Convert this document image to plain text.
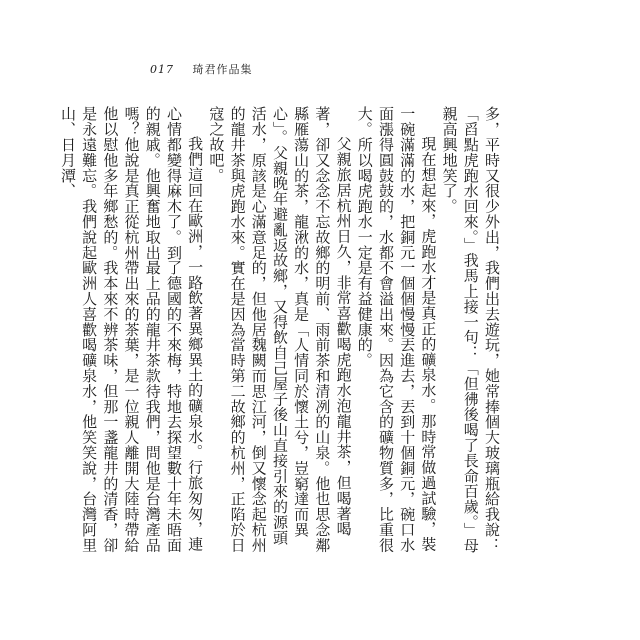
017 琦君作品集

多，平時又很少外出，我們出去遊玩，她常捧個大玻璃瓶給我說：「舀點虎跑水回來。」我馬上接一句：「但彿後喝了長命百歲。」母親高興地笑了。

現在想起來，虎跑水才是真正的礦泉水。那時常做過試驗，裝一碗滿滿的水，把銅元一個個慢慢丟進去，丟到十個銅元，碗口水面漲得圓鼓鼓的，水都不會溢出來。因為它含的礦物質多，比重很大。所以喝虎跑水一定是有益健康的。

父親旅居杭州日久，非常喜歡喝虎跑水泡龍井茶，但喝著喝著，卻又念念不忘故鄉的明前、雨前茶和清冽的山泉。他也思念鄰縣雁蕩山的茶，龍湫的水，真是「人情同於懷土兮，豈窮達而異心」。父親晚年避亂返故鄉，又得飲自己屋子後山直接引來的源頭活水，原該是心滿意足的，但他居魏闕而思江河，倒又懷念起杭州的龍井茶與虎跑水來。實在是因為當時第二故鄉的杭州，正陷於日寇之故吧。

我們這回在歐洲，一路飲著異鄉異土的礦泉水。行旅匆匆，連心情都變得麻木了。到了德國的不來梅，特地去探望數十年未晤面的親戚。他興奮地取出最上品的龍井茶款待我們，問他是台灣產品嗎？他說是真正從杭州帶出來的茶葉，是一位親人離開大陸時帶給他以慰他多年鄉愁的。我本來不辨茶味，但那一盞龍井的清香，卻是永遠難忘。我們說起歐洲人喜歡喝礦泉水，他笑笑說，台灣阿里山、日月潭、
